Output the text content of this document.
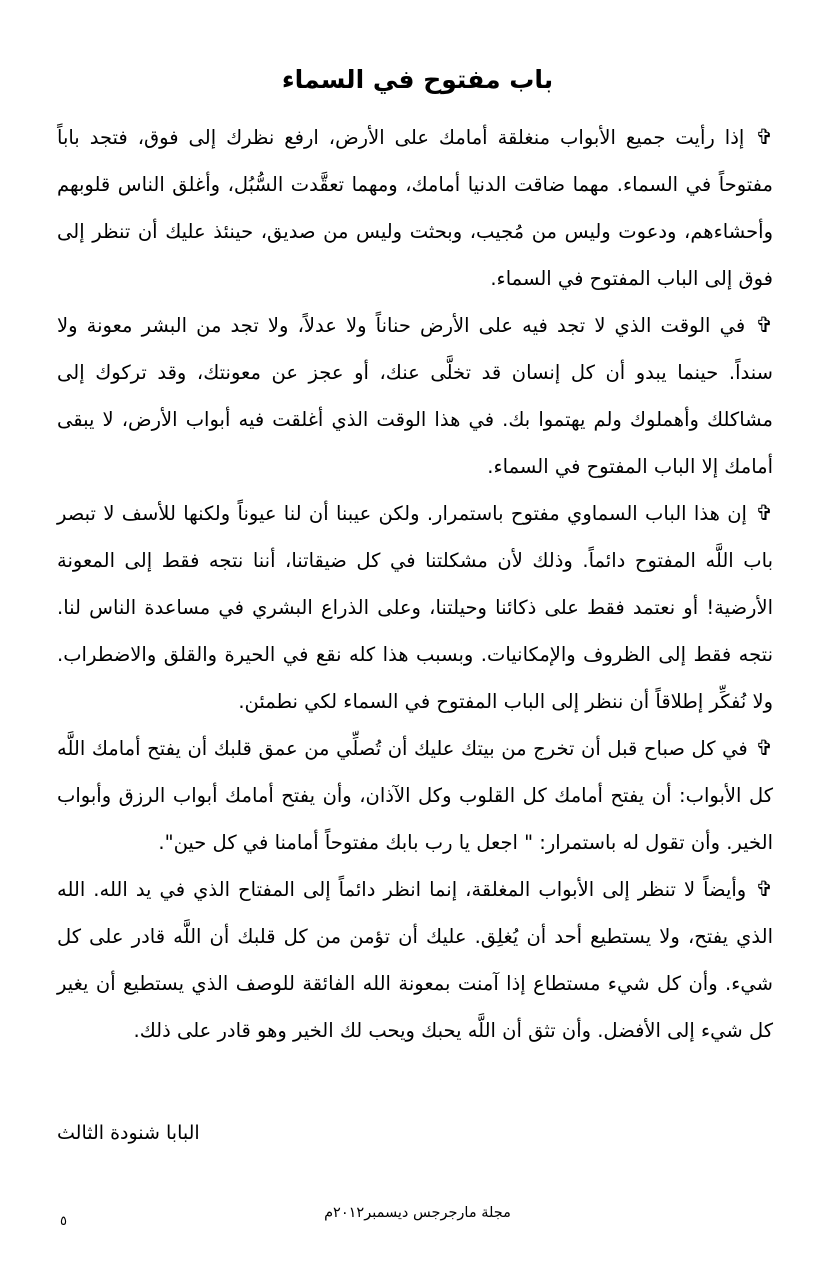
باب مفتوح في السماء

✞ إذا رأيت جميع الأبواب منغلقة أمامك على الأرض، ارفع نظرك إلى فوق، فتجد باباً مفتوحاً في السماء. مهما ضاقت الدنيا أمامك، ومهما تعقَّدت السُّبُل، وأغلق الناس قلوبهم وأحشاءهم، ودعوت وليس من مُجيب، وبحثت وليس من صديق، حينئذ عليك أن تنظر إلى فوق إلى الباب المفتوح في السماء.

✞ في الوقت الذي لا تجد فيه على الأرض حناناً ولا عدلاً، ولا تجد من البشر معونة ولا سنداً. حينما يبدو أن كل إنسان قد تخلَّى عنك، أو عجز عن معونتك، وقد تركوك إلى مشاكلك وأهملوك ولم يهتموا بك. في هذا الوقت الذي أغلقت فيه أبواب الأرض، لا يبقى أمامك إلا الباب المفتوح في السماء.

✞ إن هذا الباب السماوي مفتوح باستمرار. ولكن عيبنا أن لنا عيوناً ولكنها للأسف لا تبصر باب اللَّه المفتوح دائماً. وذلك لأن مشكلتنا في كل ضيقاتنا، أننا نتجه فقط إلى المعونة الأرضية! أو نعتمد فقط على ذكائنا وحيلتنا، وعلى الذراع البشري في مساعدة الناس لنا. نتجه فقط إلى الظروف والإمكانيات. وبسبب هذا كله نقع في الحيرة والقلق والاضطراب. ولا نُفكِّر إطلاقاً أن ننظر إلى الباب المفتوح في السماء لكي نطمئن.

✞ في كل صباح قبل أن تخرج من بيتك عليك أن تُصلِّي من عمق قلبك أن يفتح أمامك اللَّه كل الأبواب: أن يفتح أمامك كل القلوب وكل الآذان، وأن يفتح أمامك أبواب الرزق وأبواب الخير. وأن تقول له باستمرار: " اجعل يا رب بابك مفتوحاً أمامنا في كل حين".

✞ وأيضاً لا تنظر إلى الأبواب المغلقة، إنما انظر دائماً إلى المفتاح الذي في يد الله. الله الذي يفتح، ولا يستطيع أحد أن يُغلِق. عليك أن تؤمن من كل قلبك أن اللَّه قادر على كل شيء. وأن كل شيء مستطاع إذا آمنت بمعونة الله الفائقة للوصف الذي يستطيع أن يغير كل شيء إلى الأفضل. وأن تثق أن اللَّه يحبك ويحب لك الخير وهو قادر على ذلك.

البابا شنودة الثالث
مجلة مارجرجس ديسمبر٢٠١٢م
٥
